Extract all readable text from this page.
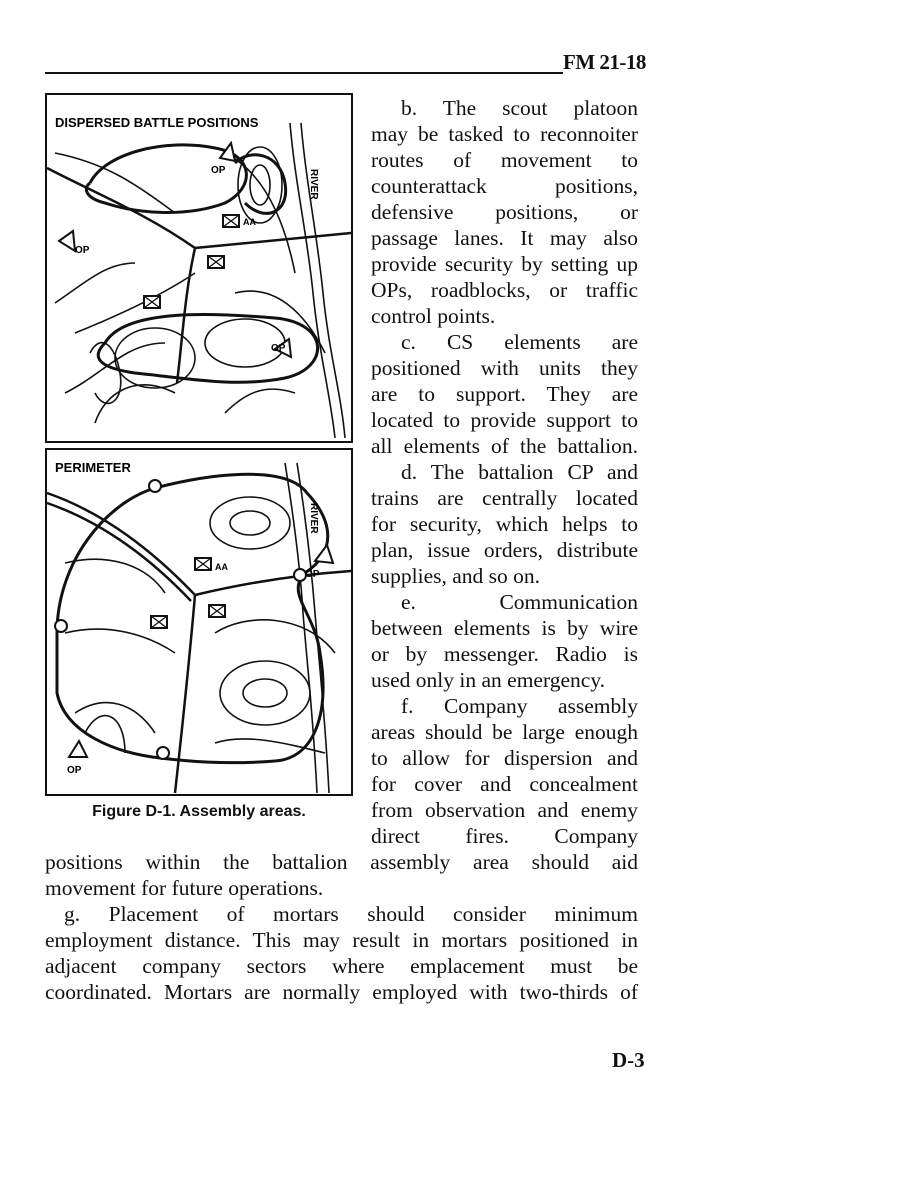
FM 21-18
DISPERSED BATTLE POSITIONS
OP
OP
OP
AA
RIVER
PERIMETER
OP
OP
AA
RIVER
Figure D-1. Assembly areas.
b. The scout platoon
may be tasked to reconnoiter
routes of movement to
counterattack positions,
defensive positions, or
passage lanes. It may also
provide security by setting up
OPs, roadblocks, or traffic
control points.
c. CS elements are
positioned with units they
are to support. They are
located to provide support to
all elements of the battalion.
d. The battalion CP and
trains are centrally located
for security, which helps to
plan, issue orders, distribute
supplies, and so on.
e. Communication
between elements is by wire
or by messenger. Radio is
used only in an emergency.
f. Company assembly
areas should be large enough
to allow for dispersion and
for cover and concealment
from observation and enemy
direct fires. Company
positions within the battalion assembly area should aid
movement for future operations.
g. Placement of mortars should consider minimum
employment distance. This may result in mortars positioned in
adjacent company sectors where emplacement must be
coordinated. Mortars are normally employed with two-thirds of
D-3
